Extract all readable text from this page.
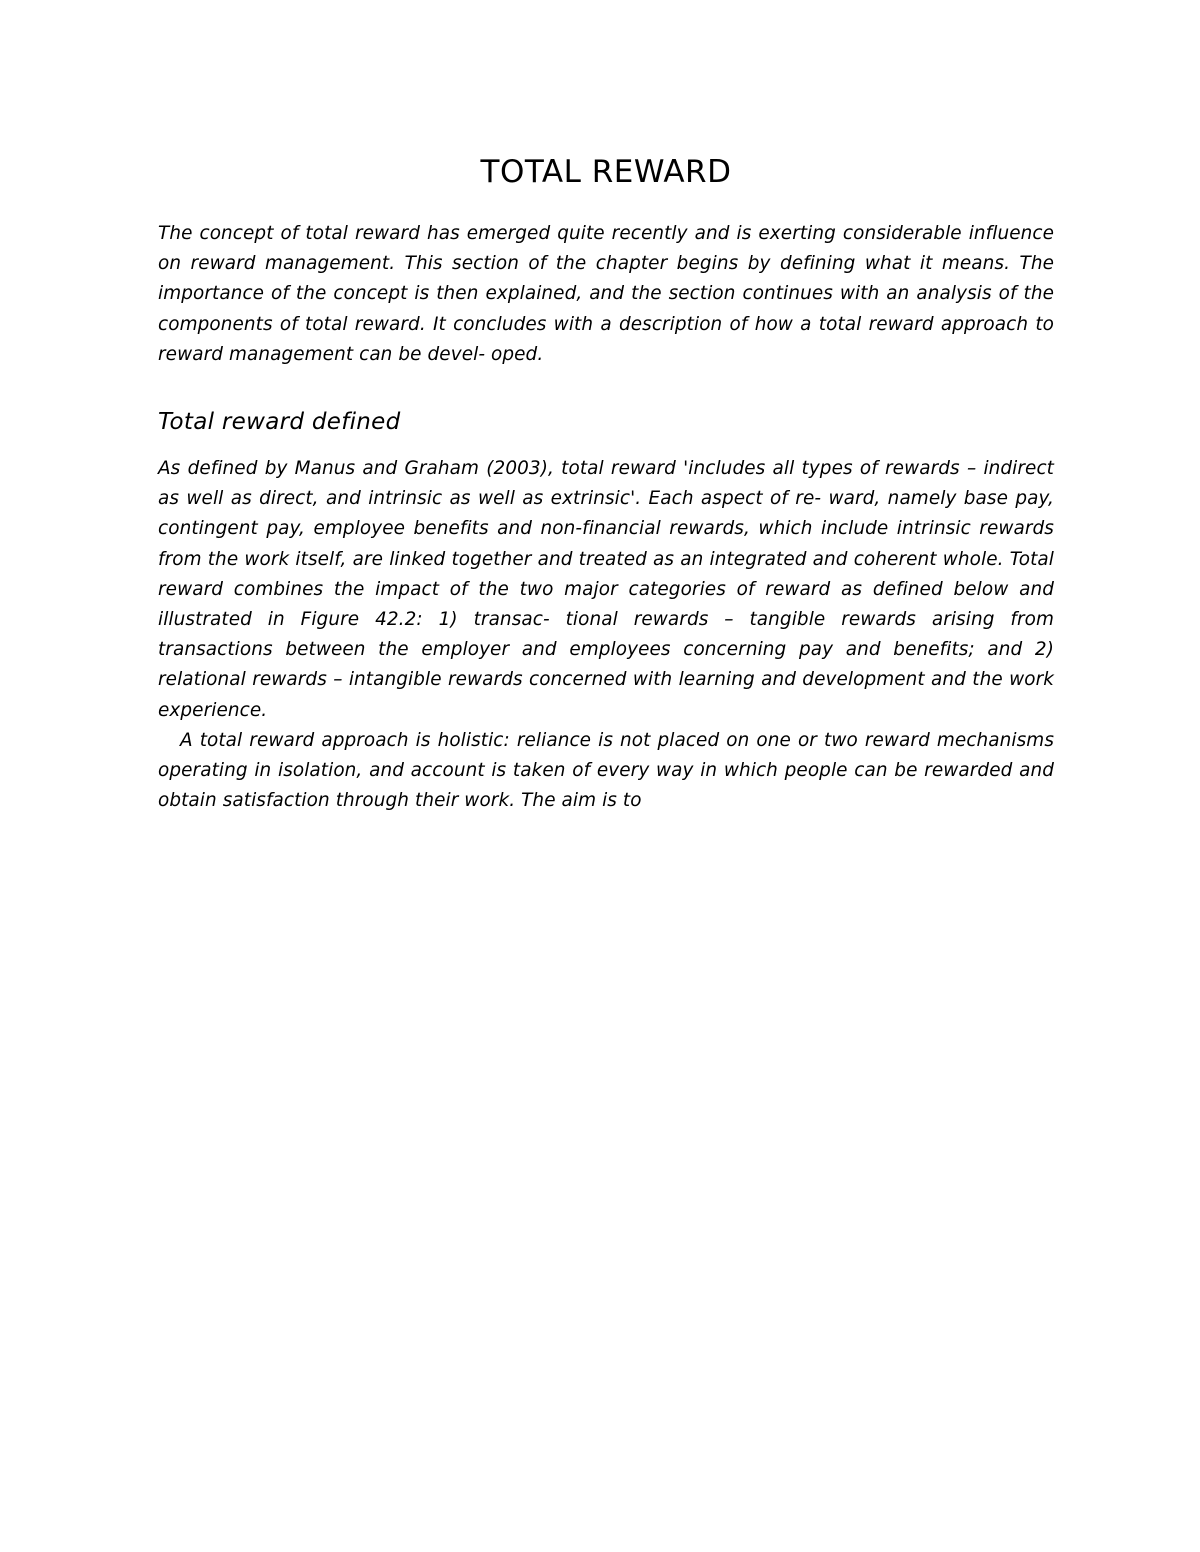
TOTAL REWARD

The concept of total reward has emerged quite recently and is exerting considerable influence on reward management. This section of the chapter begins by defining what it means. The importance of the concept is then explained, and the section continues with an analysis of the components of total reward. It concludes with a description of how a total reward approach to reward management can be devel- oped.

Total reward defined

As defined by Manus and Graham (2003), total reward 'includes all types of rewards – indirect as well as direct, and intrinsic as well as extrinsic'. Each aspect of re- ward, namely base pay, contingent pay, employee benefits and non-financial rewards, which include intrinsic rewards from the work itself, are linked together and treated as an integrated and coherent whole. Total reward combines the impact of the two major categories of reward as defined below and illustrated in Figure 42.2: 1) transac- tional rewards – tangible rewards arising from transactions between the employer and employees concerning pay and benefits; and 2) relational rewards – intangible rewards concerned with learning and development and the work experience.

A total reward approach is holistic: reliance is not placed on one or two reward mechanisms operating in isolation, and account is taken of every way in which people can be rewarded and obtain satisfaction through their work. The aim is to
